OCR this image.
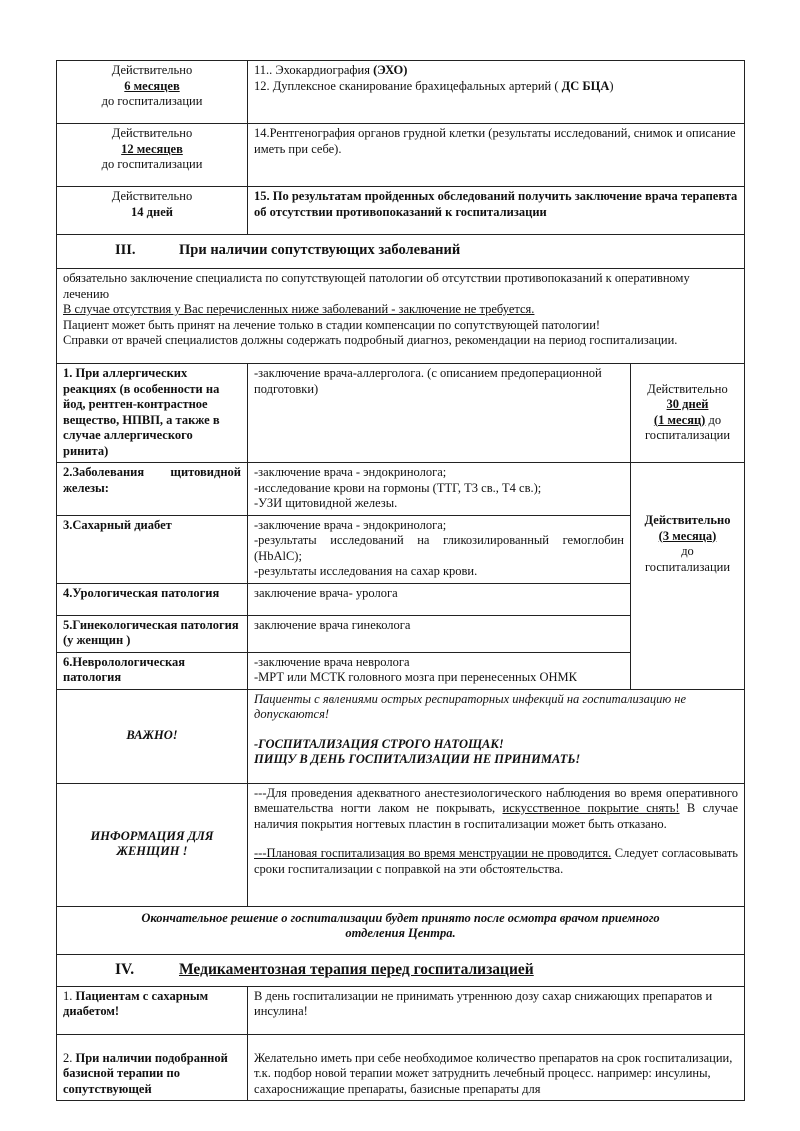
Действительно
6 месяцев
до госпитализации	11.. Эхокардиография (ЭХО)
12. Дуплексное сканирование брахицефальных артерий ( ДС БЦА)	

Действительно
12 месяцев
до госпитализации	14.Рентгенография органов грудной клетки (результаты исследований, снимок и описание иметь при себе).	

Действительно
14 дней	15. По результатам пройденных обследований получить заключение врача терапевта об отсутствии противопоказаний к госпитализации	
III. При наличии сопутствующих заболеваний		

обязательно заключение специалиста по сопутствующей патологии об отсутствии противопоказаний к оперативному лечению
В случае отсутствия у Вас перечисленных ниже заболеваний - заключение не требуется.
Пациент может быть принят на лечение только в стадии компенсации по сопутствующей патологии!
Справки от врачей специалистов должны содержать подробный диагноз, рекомендации на период госпитализации.		

1. При аллергических реакциях (в особенности на йод, рентген-контрастное вещество, НПВП, а также в случае аллергического ринита)	-заключение врача-аллерголога. (с описанием предоперационной подготовки)	Действительно
30 дней
(1 месяц) до
госпитализации

2.Заболевания щитовидной железы:	-заключение врача - эндокринолога;
-исследование крови на гормоны (ТТГ, Т3 св., Т4 св.);
-УЗИ щитовидной железы.	Действительно
(3 месяца)
до
госпитализации

3.Сахарный диабет	-заключение врача - эндокринолога;
-результаты исследований на гликозилированный гемоглобин (HbAlC);
-результаты исследования на сахар крови.	

4.Урологическая патология	заключение врача- уролога	
5.Гинекологическая патология (у женщин )	заключение врача гинеколога	
6.Невролологическая патология	-заключение врача невролога
-МРТ или МСТК головного мозга при перенесенных ОНМК	

ВАЖНО!	Пациенты с явлениями острых респираторных инфекций на госпитализацию не допускаются!
-ГОСПИТАЛИЗАЦИЯ СТРОГО НАТОЩАК!
ПИЩУ В ДЕНЬ ГОСПИТАЛИЗАЦИИ НЕ ПРИНИМАТЬ!	

ИНФОРМАЦИЯ ДЛЯ ЖЕНЩИН !	---Для проведения адекватного анестезиологического наблюдения во время оперативного вмешательства ногти лаком не покрывать, искусственное покрытие снять! В случае наличия покрытия ногтевых пластин в госпитализации может быть отказано.
---Плановая госпитализация во время менструации не проводится. Следует согласовывать сроки госпитализации с поправкой на эти обстоятельства.	

Окончательное решение о госпитализации будет принято после осмотра врачом приемного отделения Центра.		
IV. Медикаментозная терапия перед госпитализацией		
1. Пациентам с сахарным диабетом!	В день госпитализации не принимать утреннюю дозу сахар снижающих препаратов и инсулина!	
2. При наличии подобранной базисной терапии по сопутствующей	Желательно иметь при себе необходимое количество препаратов на срок госпитализации, т.к. подбор новой терапии может затруднить лечебный процесс. например: инсулины, сахароснижащие препараты, базисные препараты для	
